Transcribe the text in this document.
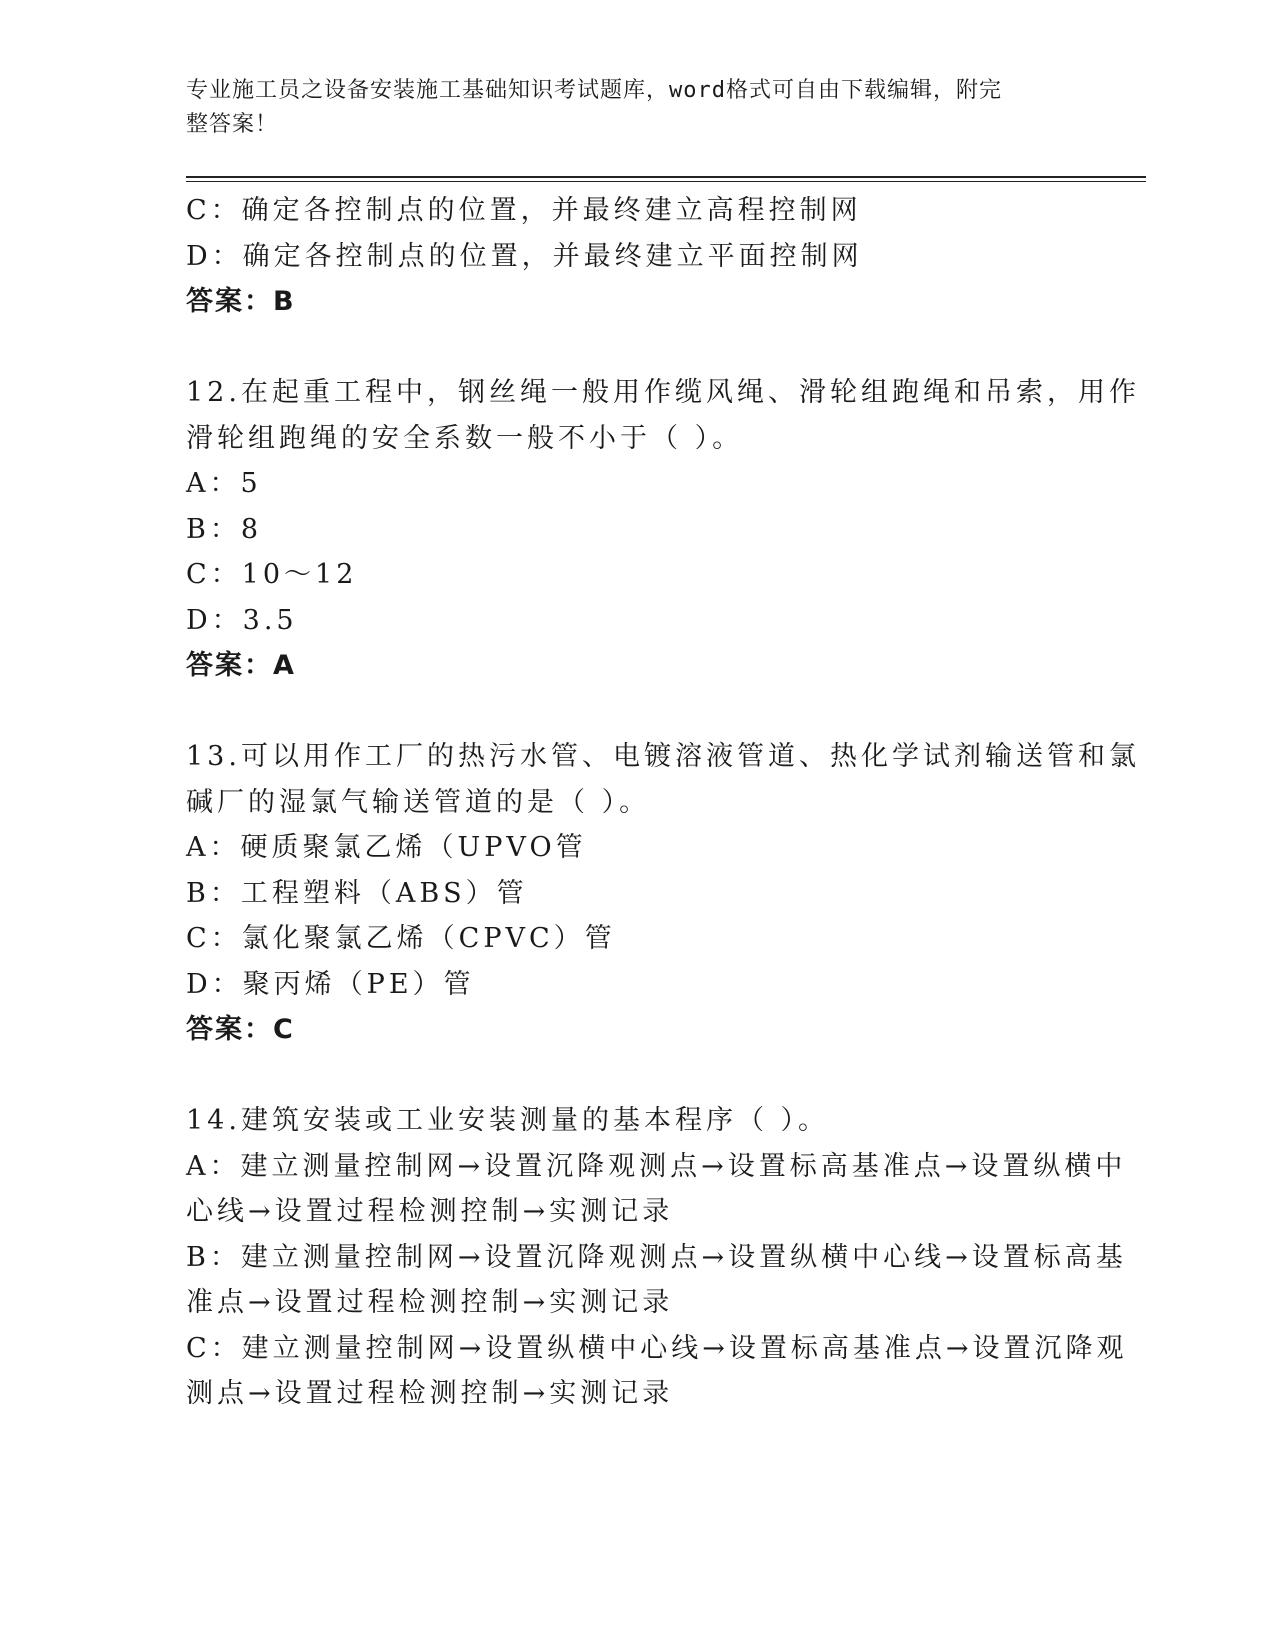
专业施工员之设备安装施工基础知识考试题库，word格式可自由下载编辑，附完
整答案！
C：确定各控制点的位置，并最终建立高程控制网
D：确定各控制点的位置，并最终建立平面控制网
答案：B
12.在起重工程中，钢丝绳一般用作缆风绳、滑轮组跑绳和吊索，用作
滑轮组跑绳的安全系数一般不小于（ ）。
A：5
B：8
C：10～12
D：3.5
答案：A
13.可以用作工厂的热污水管、电镀溶液管道、热化学试剂输送管和氯
碱厂的湿氯气输送管道的是（ ）。
A：硬质聚氯乙烯（UPVO管
B：工程塑料（ABS）管
C：氯化聚氯乙烯（CPVC）管
D：聚丙烯（PE）管
答案：C
14.建筑安装或工业安装测量的基本程序（ ）。
A：建立测量控制网→设置沉降观测点→设置标高基准点→设置纵横中
心线→设置过程检测控制→实测记录
B：建立测量控制网→设置沉降观测点→设置纵横中心线→设置标高基
准点→设置过程检测控制→实测记录
C：建立测量控制网→设置纵横中心线→设置标高基准点→设置沉降观
测点→设置过程检测控制→实测记录
